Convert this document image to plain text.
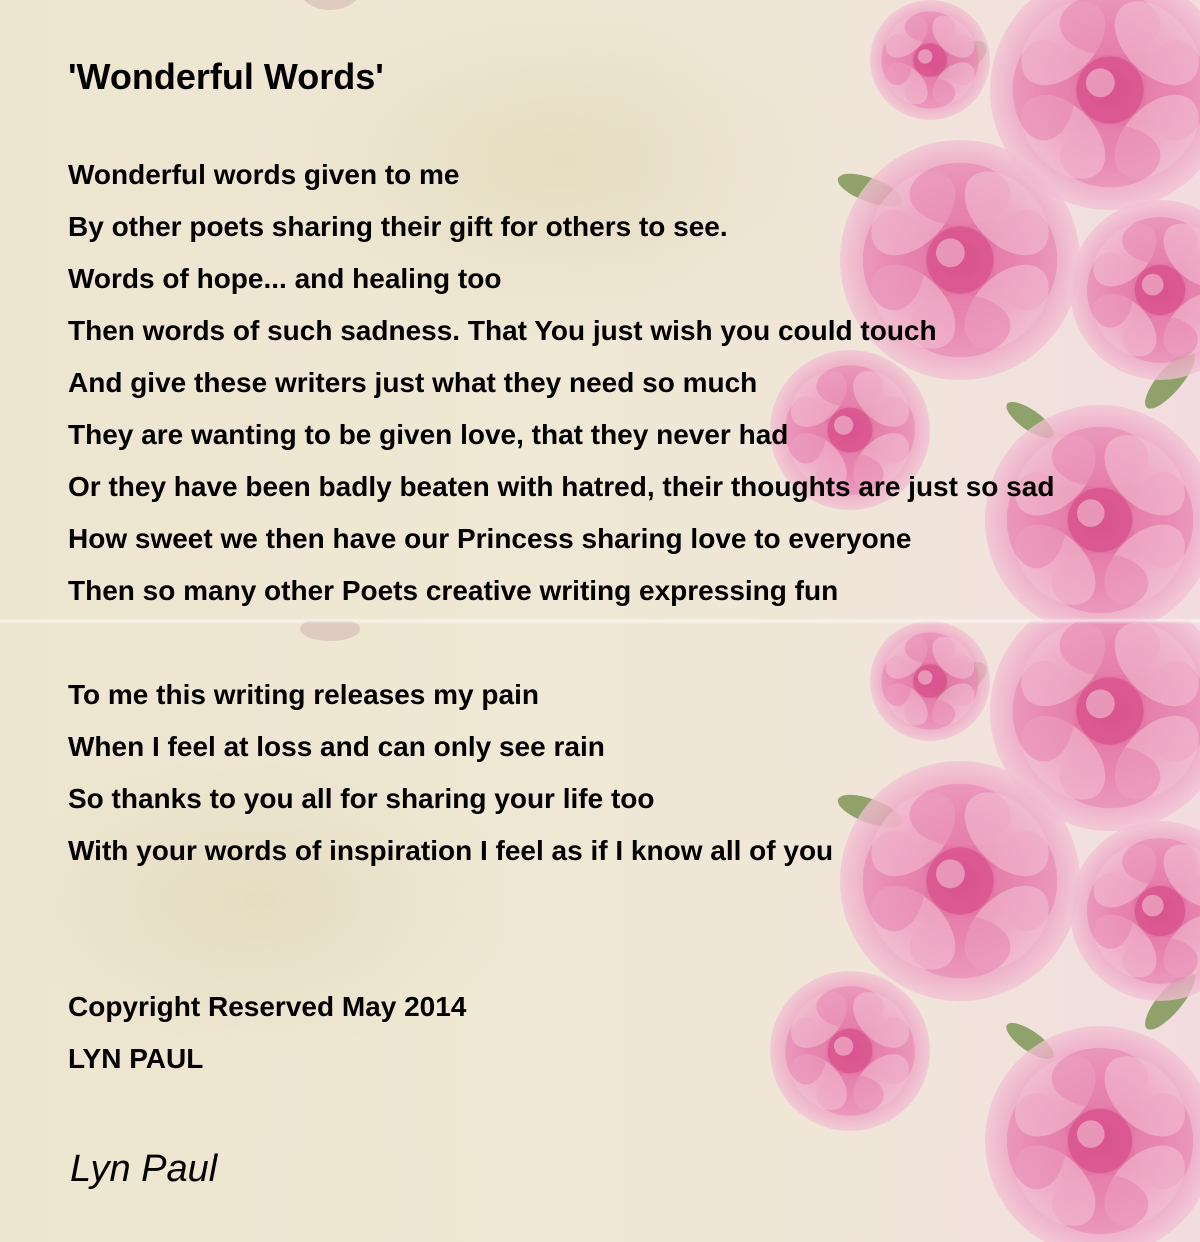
'Wonderful Words'
Wonderful words given to me
By other poets sharing their gift for others to see.
Words of hope... and healing too
Then words of such sadness. That You just wish you could touch
And give these writers just what they need so much
They are wanting to be given love, that they never had
Or they have been badly beaten with hatred, their thoughts are just so sad
How sweet we then have our Princess sharing love to everyone
Then so many other Poets creative writing expressing fun
To me this writing releases my pain
When I feel at loss and can only see rain
So thanks to you all for sharing your life too
With your words of inspiration I feel as if I know all of you
Copyright Reserved May 2014
LYN PAUL
Lyn Paul
